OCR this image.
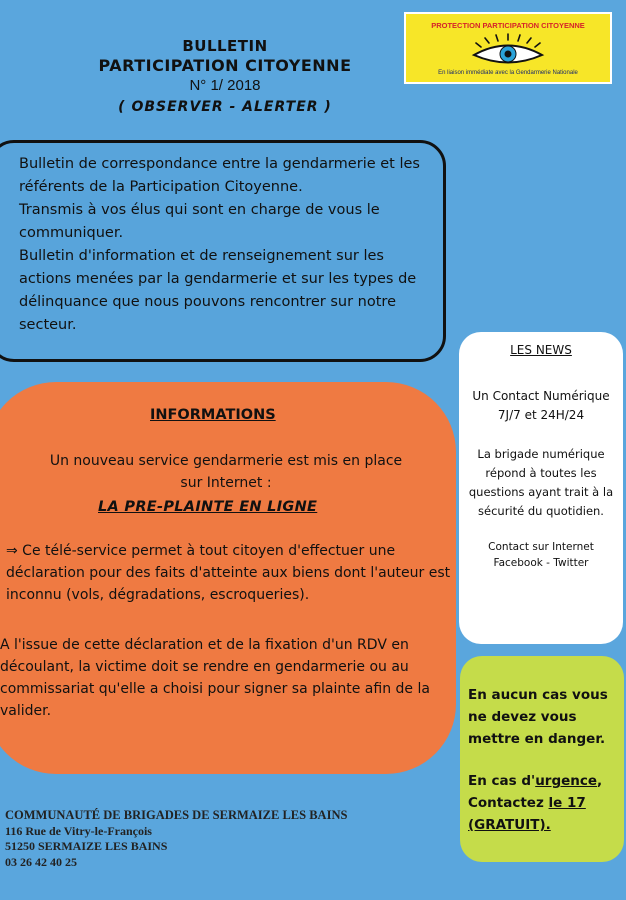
BULLETIN
PARTICIPATION CITOYENNE
N° 1/ 2018
( OBSERVER - ALERTER )
PROTECTION PARTICIPATION CITOYENNE
En liaison immédiate avec la Gendarmerie Nationale

Bulletin de correspondance entre la gendarmerie et les référents de la Participation Citoyenne.

Transmis à vos élus qui sont en charge de vous le communiquer.

Bulletin d'information et de renseignement sur les actions menées par la gendarmerie et sur les types de délinquance que nous pouvons rencontrer sur notre secteur.

LES NEWS
Un Contact Numérique
7J/7 et 24H/24
La brigade numérique répond à toutes les questions ayant trait à la sécurité du quotidien.
Contact sur Internet
Facebook - Twitter
INFORMATIONS
Un nouveau service gendarmerie est mis en place
sur Internet :
LA PRE-PLAINTE EN LIGNE
⇒ Ce télé-service permet à tout citoyen d'effectuer une déclaration pour des faits d'atteinte aux biens dont l'auteur est inconnu (vols, dégradations, escroqueries).
A l'issue de cette déclaration et de la fixation d'un RDV en découlant, la victime doit se rendre en gendarmerie ou au commissariat qu'elle a choisi pour signer sa plainte afin de la valider.

En aucun cas vous ne devez vous mettre en danger.

En cas d'urgence,

Contactez le 17

(GRATUIT).

COMMUNAUTÉ DE BRIGADES DE SERMAIZE LES BAINS
116 Rue de Vitry-le-François
51250 SERMAIZE LES BAINS
03 26 42 40 25
